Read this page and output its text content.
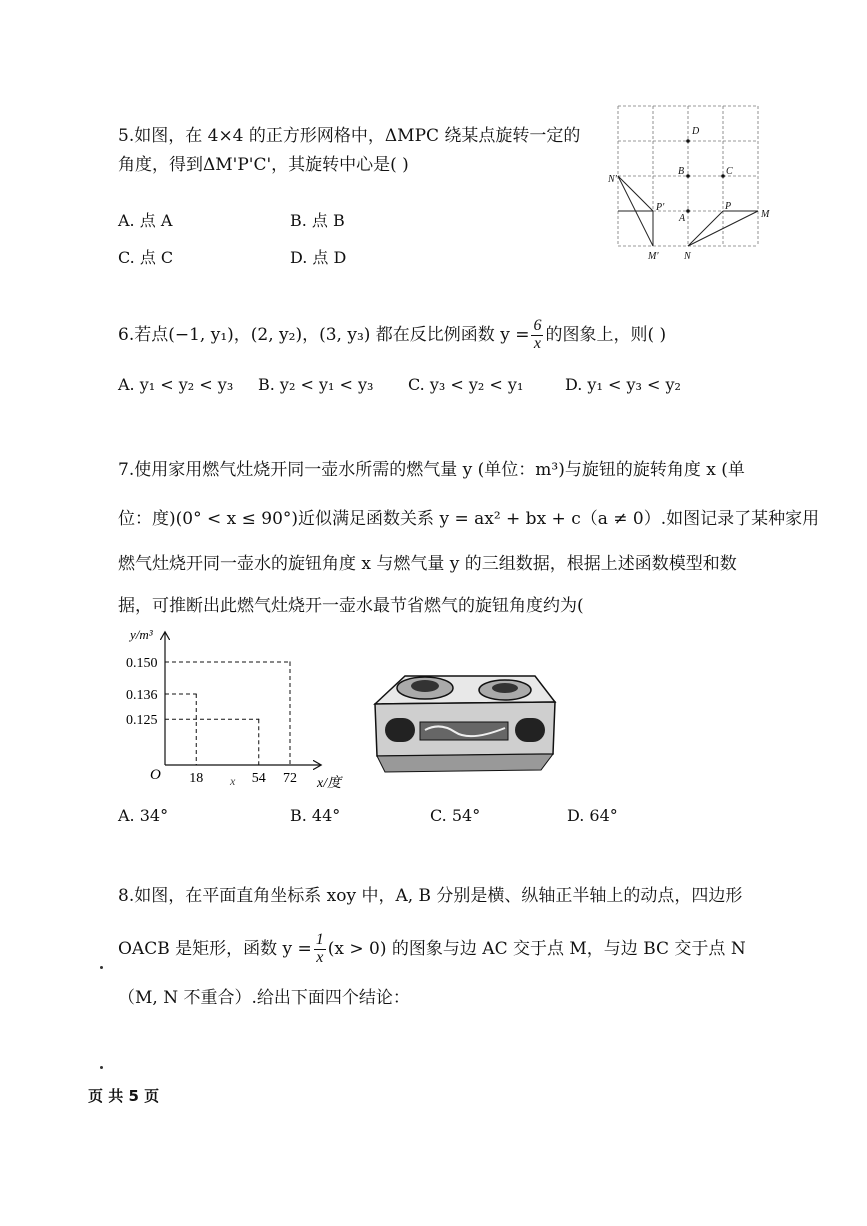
5.如图，在 4×4 的正方形网格中，ΔMPC 绕某点旋转一定的
角度，得到ΔM'P'C'，其旋转中心是( )
A. 点 A	B. 点 B
C. 点 C	D. 点 D
D
B	C
N'
P'
A
P
M
M'	N
6.若点(−1, y₁)，(2, y₂)，(3, y₃) 都在反比例函数 $y = \frac{6}{x}$ 的图象上，则( )
A. y₁ < y₂ < y₃ B. y₂ < y₁ < y₃ C. y₃ < y₂ < y₁	D. y₁ < y₃ < y₂
7.使用家用燃气灶烧开同一壶水所需的燃气量 y (单位：m³)与旋钮的旋转角度 x (单
位：度)(0° < x ≤ 90°)近似满足函数关系 y = ax² + bx + c（a ≠ 0）.如图记录了某种家用
燃气灶烧开同一壶水的旋钮角度 x 与燃气量 y 的三组数据，根据上述函数模型和数
据，可推断出此燃气灶烧开一壶水最节省燃气的旋钮角度约为(
18	54 72
0.150
0.136
0.125
y/m³
x/度
O	x
A. 34°	B. 44°	C. 54°	D. 64°
8.如图，在平面直角坐标系 xoy 中，A, B 分别是横、纵轴正半轴上的动点，四边形
OACB 是矩形，函数 $y = \frac{1}{x} (x > 0)$ 的图象与边 AC 交于点 M，与边 BC 交于点 N
（M, N 不重合）.给出下面四个结论：
页 共 5 页
